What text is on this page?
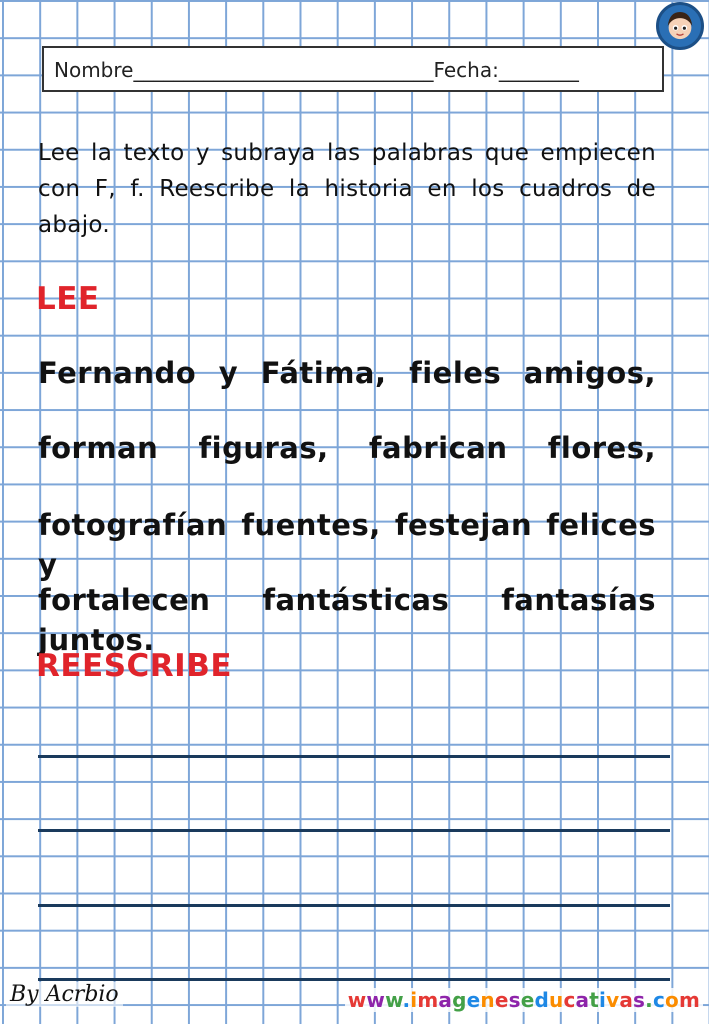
Nombre______________________________Fecha:________
Lee la texto y subraya las palabras que empiecen con F, f. Reescribe la historia en los cuadros de abajo.
LEE
Fernando y Fátima, fieles amigos,
forman figuras, fabrican flores,
fotografían fuentes, festejan felices y
fortalecen fantásticas fantasías juntos.
REESCRIBE
By Acrbio	www.imageneseducativas.com
